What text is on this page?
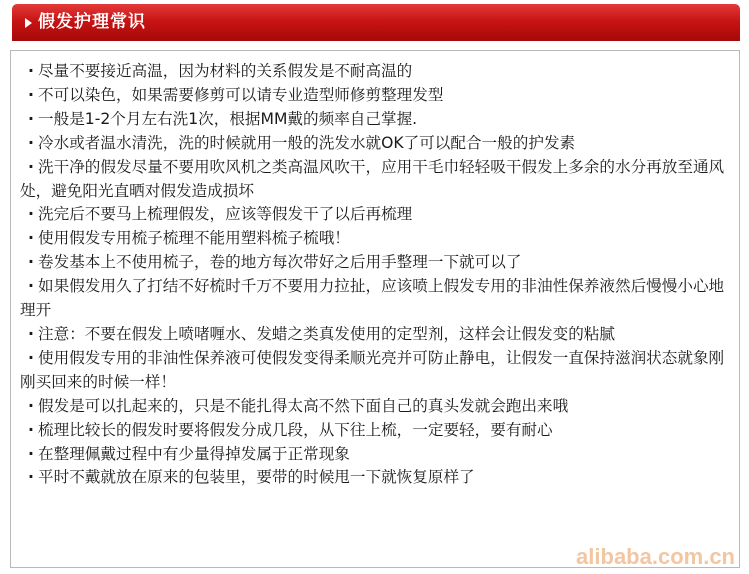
假发护理常识
· 尽量不要接近高温，因为材料的关系假发是不耐高温的
· 不可以染色，如果需要修剪可以请专业造型师修剪整理发型
· 一般是1-2个月左右洗1次，根据MM戴的频率自己掌握.
· 冷水或者温水清洗，洗的时候就用一般的洗发水就OK了可以配合一般的护发素
· 洗干净的假发尽量不要用吹风机之类高温风吹干，应用干毛巾轻轻吸干假发上多余的水分再放至通风处，避免阳光直晒对假发造成损坏
· 洗完后不要马上梳理假发，应该等假发干了以后再梳理
· 使用假发专用梳子梳理不能用塑料梳子梳哦！
· 卷发基本上不使用梳子，卷的地方每次带好之后用手整理一下就可以了
· 如果假发用久了打结不好梳时千万不要用力拉扯，应该喷上假发专用的非油性保养液然后慢慢小心地理开
· 注意：不要在假发上喷啫喱水、发蜡之类真发使用的定型剂，这样会让假发变的粘腻
· 使用假发专用的非油性保养液可使假发变得柔顺光亮并可防止静电，让假发一直保持滋润状态就象刚刚买回来的时候一样！
· 假发是可以扎起来的，只是不能扎得太高不然下面自己的真头发就会跑出来哦
· 梳理比较长的假发时要将假发分成几段，从下往上梳，一定要轻，要有耐心
· 在整理佩戴过程中有少量得掉发属于正常现象
· 平时不戴就放在原来的包装里，要带的时候甩一下就恢复原样了
alibaba.com.cn
